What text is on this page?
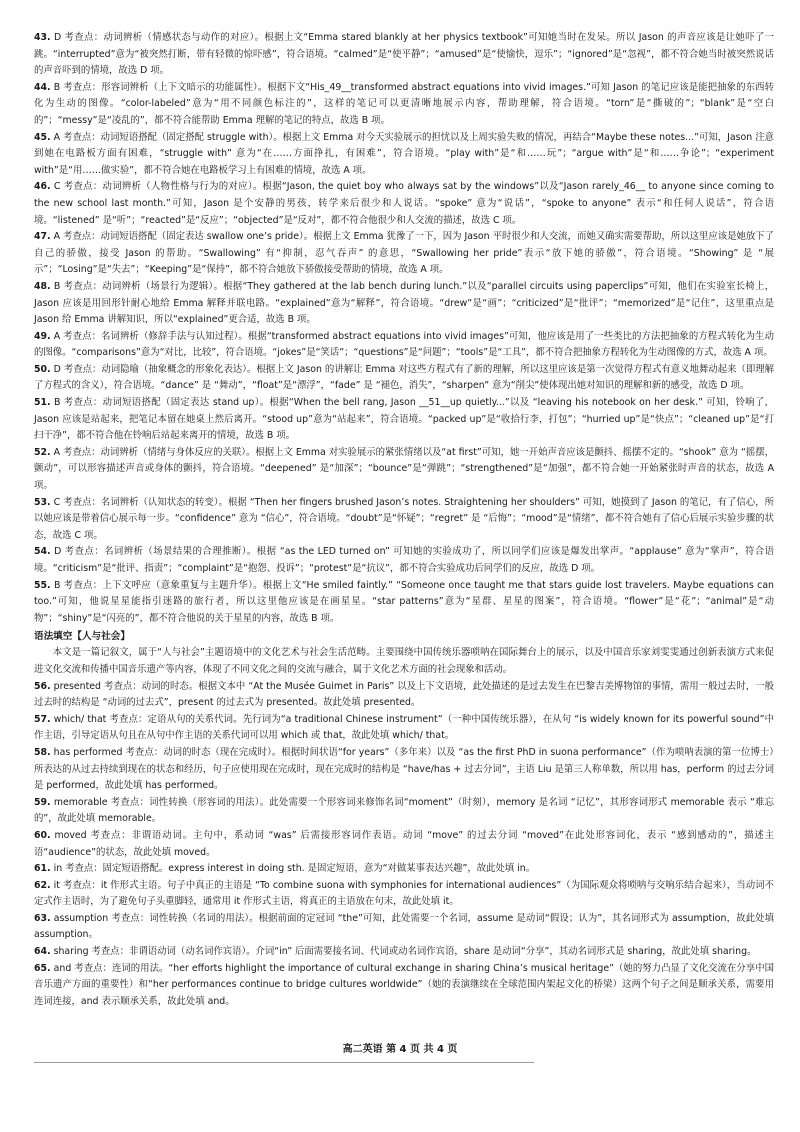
43. D 考查点：动词辨析（情感状态与动作的对应）。根据上文“Emma stared blankly at her physics textbook”可知她当时在发呆。所以 Jason 的声音应该是让她吓了一跳。“interrupted”意为“被突然打断，带有轻微的惊吓感”，符合语境。“calmed”是“使平静”；“amused”是“使愉快，逗乐”；“ignored”是“忽视”，都不符合她当时被突然说话的声音吓到的情境，故选 D 项。

44. B 考查点：形容词辨析（上下文暗示的功能属性）。根据下文“His_49__transformed abstract equations into vivid images.”可知 Jason 的笔记应该是能把抽象的东西转化为生动的图像。“color-labeled”意为“用不同颜色标注的”，这样的笔记可以更清晰地展示内容，帮助理解，符合语境。“torn”是“撕破的”；“blank”是“空白的”；“messy”是“凌乱的”，都不符合能帮助 Emma 理解的笔记的特点，故选 B 项。

45. A 考查点：动词短语搭配（固定搭配 struggle with）。根据上文 Emma 对今天实验展示的担忧以及上周实验失败的情况，再结合“Maybe these notes...”可知，Jason 注意到她在电路板方面有困难，“struggle with” 意为“在……方面挣扎，有困难”，符合语境。“play with”是“和……玩”；“argue with”是“和……争论”；“experiment with”是“用……做实验”，都不符合她在电路板学习上有困难的情境，故选 A 项。

46. C 考查点：动词辨析（人物性格与行为的对应）。根据“Jason, the quiet boy who always sat by the windows”以及“Jason rarely_46__ to anyone since coming to the new school last month.”可知，Jason 是个安静的男孩，转学来后很少和人说话。“spoke” 意为“说话”，“spoke to anyone” 表示“和任何人说话”，符合语境。“listened” 是“听”；“reacted”是“反应”；“objected”是“反对”，都不符合他很少和人交流的描述，故选 C 项。

47. A 考查点：动词短语搭配（固定表达 swallow one’s pride）。根据上文 Emma 犹豫了一下，因为 Jason 平时很少和人交流，而她又确实需要帮助，所以这里应该是她放下了自己的骄傲，接受 Jason 的帮助。“Swallowing” 有“抑制，忍气吞声” 的意思，“Swallowing her pride”表示“放下她的骄傲”，符合语境。“Showing” 是 “展示”；“Losing”是“失去”；“Keeping”是“保持”，都不符合她放下骄傲接受帮助的情境，故选 A 项。

48. B 考查点：动词辨析（场景行为逻辑）。根据“They gathered at the lab bench during lunch.”以及“parallel circuits using paperclips”可知，他们在实验室长椅上，Jason 应该是用回形针耐心地给 Emma 解释并联电路。“explained”意为“解释”，符合语境。“drew”是“画”；“criticized”是“批评”；“memorized”是“记住”，这里重点是 Jason 给 Emma 讲解知识，所以“explained”更合适，故选 B 项。

49. A 考查点：名词辨析（修辞手法与认知过程）。根据“transformed abstract equations into vivid images”可知，他应该是用了一些类比的方法把抽象的方程式转化为生动的图像。“comparisons”意为“对比，比较”，符合语境。“jokes”是“笑话”；“questions”是“问题”；“tools”是“工具”，都不符合把抽象方程转化为生动图像的方式，故选 A 项。

50. D 考查点：动词隐喻（抽象概念的形象化表达）。根据上文 Jason 的讲解让 Emma 对这些方程式有了新的理解，所以这里应该是第一次觉得方程式有意义地舞动起来（即理解了方程式的含义），符合语境。“dance” 是 “舞动”，“float”是“漂浮”，“fade” 是 “褪色，消失”，“sharpen” 意为“削尖”使体现出她对知识的理解和新的感受，故选 D 项。

51. B 考查点：动词短语搭配（固定表达 stand up）。根据“When the bell rang, Jason __51__up quietly...”以及 “leaving his notebook on her desk.” 可知，铃响了，Jason 应该是站起来，把笔记本留在她桌上然后离开。“stood up”意为“站起来”，符合语境。“packed up”是“收拾行李，打包”；“hurried up”是“快点”；“cleaned up”是“打扫干净”，都不符合他在铃响后站起来离开的情境，故选 B 项。

52. A 考查点：动词辨析（情绪与身体反应的关联）。根据上文 Emma 对实验展示的紧张情绪以及“at first”可知，她一开始声音应该是颤抖、摇摆不定的。“shook” 意为 “摇摆，颤动”，可以形容描述声音或身体的颤抖，符合语境。“deepened” 是“加深”；“bounce”是“弹跳”；“strengthened”是“加强”，都不符合她一开始紧张时声音的状态，故选 A 项。

53. C 考查点：名词辨析（认知状态的转变）。根据 “Then her fingers brushed Jason’s notes. Straightening her shoulders” 可知，她摸到了 Jason 的笔记，有了信心，所以她应该是带着信心展示每一步。“confidence” 意为 “信心”，符合语境。“doubt”是“怀疑”；“regret” 是 “后悔”；“mood”是“情绪”，都不符合她有了信心后展示实验步骤的状态，故选 C 项。

54. D 考查点：名词辨析（场景结果的合理推断）。根据 “as the LED turned on” 可知她的实验成功了，所以同学们应该是爆发出掌声。“applause” 意为“掌声”，符合语境。“criticism”是“批评、指责”；“complaint”是“抱怨、投诉”；“protest”是“抗议”，都不符合实验成功后同学们的反应，故选 D 项。

55. B 考查点：上下文呼应（意象重复与主题升华）。根据上文“He smiled faintly.” “Someone once taught me that stars guide lost travelers. Maybe equations can too.”可知，他说星星能指引迷路的旅行者，所以这里他应该是在画星星。“star patterns”意为“星群、星星的图案”，符合语境。“flower”是“花”；“animal”是“动物”；“shiny”是“闪亮的”，都不符合他说的关于星星的内容，故选 B 项。

语法填空【人与社会】

本文是一篇记叙文，属于“人与社会”主题语境中的文化艺术与社会生活范畴。主要围绕中国传统乐器唢呐在国际舞台上的展示，以及中国音乐家刘雯雯通过创新表演方式来促进文化交流和传播中国音乐遗产等内容，体现了不同文化之间的交流与融合，属于文化艺术方面的社会现象和活动。

56. presented 考查点：动词的时态。根据文本中 “At the Musée Guimet in Paris” 以及上下文语境，此处描述的是过去发生在巴黎吉美博物馆的事情，需用一般过去时，一般过去时的结构是 “动词的过去式”，present 的过去式为 presented。故此处填 presented。

57. which/ that 考查点：定语从句的关系代词。先行词为“a traditional Chinese instrument”（一种中国传统乐器），在从句 “is widely known for its powerful sound”中作主语，引导定语从句且在从句中作主语的关系代词可以用 which 或 that，故此处填 which/ that。

58. has performed 考查点：动词的时态（现在完成时）。根据时间状语“for years”（多年来）以及 “as the first PhD in suona performance”（作为唢呐表演的第一位博士）所表达的从过去持续到现在的状态和经历，句子应使用现在完成时，现在完成时的结构是 “have/has + 过去分词”，主语 Liu 是第三人称单数，所以用 has，perform 的过去分词是 performed，故此处填 has performed。

59. memorable 考查点：词性转换（形容词的用法）。此处需要一个形容词来修饰名词“moment”（时刻），memory 是名词 “记忆”，其形容词形式 memorable 表示 “难忘的”，故此处填 memorable。

60. moved 考查点：非谓语动词。主句中，系动词 “was” 后需接形容词作表语。动词 “move” 的过去分词 “moved”在此处形容词化，表示 “感到感动的”，描述主语“audience”的状态，故此处填 moved。

61. in 考查点：固定短语搭配。express interest in doing sth. 是固定短语，意为“对做某事表达兴趣”，故此处填 in。

62. it 考查点：it 作形式主语。句子中真正的主语是 “To combine suona with symphonies for international audiences”（为国际观众将唢呐与交响乐结合起来），当动词不定式作主语时，为了避免句子头重脚轻，通常用 it 作形式主语，将真正的主语放在句末，故此处填 it。

63. assumption 考查点：词性转换（名词的用法）。根据前面的定冠词 “the”可知，此处需要一个名词，assume 是动词“假设；认为”，其名词形式为 assumption，故此处填 assumption。

64. sharing 考查点：非谓语动词（动名词作宾语）。介词“in” 后面需要接名词、代词或动名词作宾语，share 是动词“分享”，其动名词形式是 sharing，故此处填 sharing。

65. and 考查点：连词的用法。“her efforts highlight the importance of cultural exchange in sharing China’s musical heritage”（她的努力凸显了文化交流在分享中国音乐遗产方面的重要性）和“her performances continue to bridge cultures worldwide”（她的表演继续在全球范围内架起文化的桥梁）这两个句子之间是顺承关系，需要用连词连接，and 表示顺承关系，故此处填 and。

高二英语 第 4 页 共 4 页
